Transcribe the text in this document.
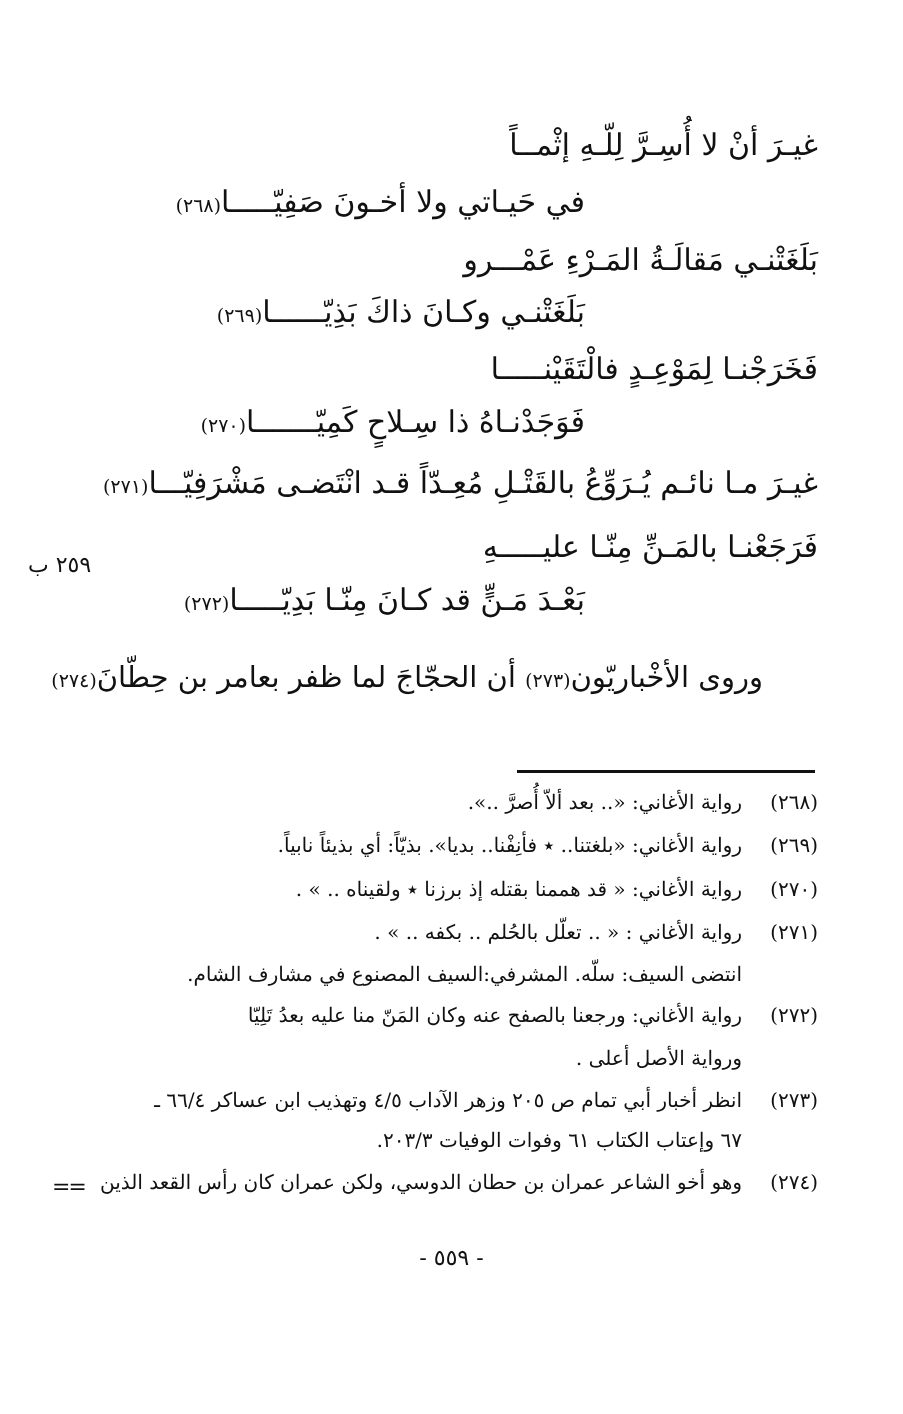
غيـرَ أنْ لا أُسِـرَّ لِلّـهِ إثْمــاً
في حَيـاتي ولا أخـونَ صَفِيّـــــا(٢٦٨)
بَلَغَتْنـي مَقالَـةُ المَـرْءِ عَمْـــرو
بَلَغَتْنـي وكـانَ ذاكَ بَذِيّــــــا(٢٦٩)
فَخَرَجْنـا لِمَوْعِـدٍ فالْتَقَيْنـــــا
فَوَجَدْنـاهُ ذا سِـلاحٍ كَمِيّـــــــا(٢٧٠)
غيـرَ مـا نائـم يُـرَوِّعُ بالقَتْـلِ مُعِـدّاً قـد انْتَضـى مَشْرَفِيّـــا(٢٧١)
فَرَجَعْنـا بالمَـنِّ مِنّـا عليـــــهِ
بَعْـدَ مَـنٍّ قد كـانَ مِنّـا بَدِيّـــــا(٢٧٢)
٢٥٩ ب
وروى الأخْباريّون(٢٧٣) أن الحجّاجَ لما ظفر بعامر بن حِطّانَ(٢٧٤)
(٢٦٨)رواية الأغاني: «.. بعد ألاّ أُصرَّ ..».
(٢٦٩)رواية الأغاني: «بلغتنا.. ٭ فأنِفْنا.. بديا». بذيّاً: أي بذيئاً نابياً.
(٢٧٠)رواية الأغاني: « قد هممنا بقتله إذ برزنا ٭ ولقيناه .. » .
(٢٧١)رواية الأغاني : « .. تعلّل بالحُلم .. بكفه .. » .
انتضى السيف: سلّه. المشرفي:السيف المصنوع في مشارف الشام.
(٢٧٢)رواية الأغاني: ورجعنا بالصفح عنه وكان المَنّ منا عليه بعدُ تَلِيّا
ورواية الأصل أعلى .
(٢٧٣)انظر أخبار أبي تمام ص ٢٠٥ وزهر الآداب ٤/٥ وتهذيب ابن عساكر ٦٦/٤ ـ
٦٧ وإعتاب الكتاب ٦١ وفوات الوفيات ٢٠٣/٣.
(٢٧٤)وهو أخو الشاعر عمران بن حطان الدوسي، ولكن عمران كان رأس القعد الذين
==
- ٥٥٩ -
